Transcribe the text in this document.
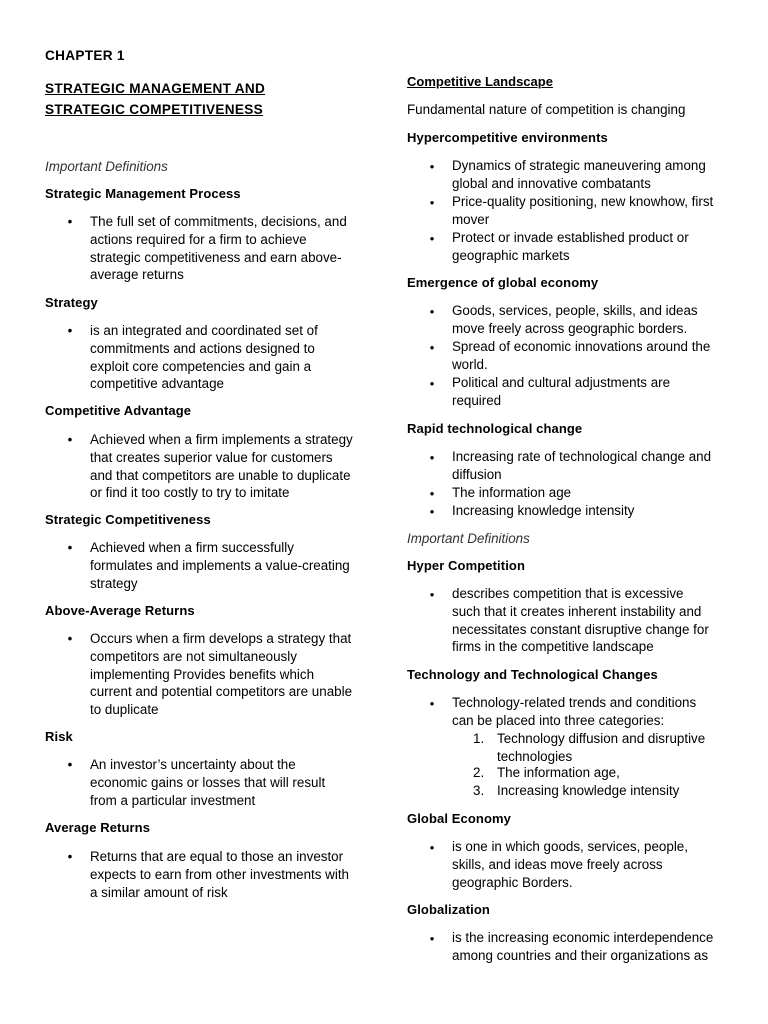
CHAPTER 1
STRATEGIC MANAGEMENT AND
STRATEGIC COMPETITIVENESS
Important Definitions
Strategic Management Process
• The full set of commitments, decisions, and
actions required for a firm to achieve
strategic competitiveness and earn above-
average returns
Strategy
• is an integrated and coordinated set of
commitments and actions designed to
exploit core competencies and gain a
competitive advantage
Competitive Advantage
• Achieved when a firm implements a strategy
that creates superior value for customers
and that competitors are unable to duplicate
or find it too costly to try to imitate
Strategic Competitiveness
• Achieved when a firm successfully
formulates and implements a value-creating
strategy
Above-Average Returns
• Occurs when a firm develops a strategy that
competitors are not simultaneously
implementing Provides benefits which
current and potential competitors are unable
to duplicate
Risk
• An investor’s uncertainty about the
economic gains or losses that will result
from a particular investment
Average Returns
• Returns that are equal to those an investor
expects to earn from other investments with
a similar amount of risk
Competitive Landscape
Fundamental nature of competition is changing
Hypercompetitive environments
● Dynamics of strategic maneuvering among
global and innovative combatants
● Price-quality positioning, new knowhow, first
mover
● Protect or invade established product or
geographic markets
Emergence of global economy
● Goods, services, people, skills, and ideas
move freely across geographic borders.
● Spread of economic innovations around the
world.
● Political and cultural adjustments are
required
Rapid technological change
● Increasing rate of technological change and
diffusion
● The information age
● Increasing knowledge intensity
Important Definitions
Hyper Competition
● describes competition that is excessive
such that it creates inherent instability and
necessitates constant disruptive change for
firms in the competitive landscape
Technology and Technological Changes
● Technology-related trends and conditions
can be placed into three categories:
1. Technology diffusion and disruptive
technologies
2. The information age,
3. Increasing knowledge intensity
Global Economy
● is one in which goods, services, people,
skills, and ideas move freely across
geographic Borders.
Globalization
● is the increasing economic interdependence
among countries and their organizations as
